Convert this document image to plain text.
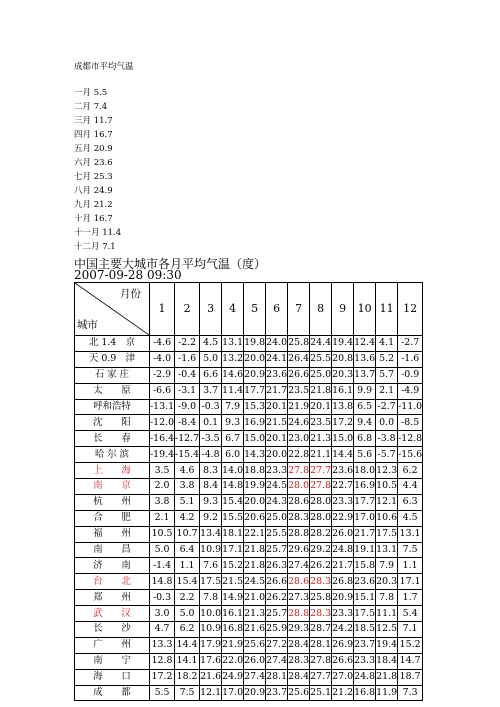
成都市平均气温
一月 5.5
二月 7.4
三月 11.7
四月 16.7
五月 20.9
六月 23.6
七月 25.3
八月 24.9
九月 21.2
十月 16.7
十一月 11.4
十二月 7.1
中国主要大城市各月平均气温（度）
2007-09-28 09:30
月份
城市	1	2	3	4	5	6	7	8	9	10	11	12
北 1.4　京	-4.6	-2.2	4.5	13.1	19.8	24.0	25.8	24.4	19.4	12.4	4.1	-2.7
天 0.9　津	-4.0	-1.6	5.0	13.2	20.0	24.1	26.4	25.5	20.8	13.6	5.2	-1.6
石 家 庄	-2.9	-0.4	6.6	14.6	20.9	23.6	26.6	25.0	20.3	13.7	5.7	-0.9
太　　原	-6.6	-3.1	3.7	11.4	17.7	21.7	23.5	21.8	16.1	9.9	2.1	-4.9
呼和浩特	-13.1	-9.0	-0.3	7.9	15.3	20.1	21.9	20.1	13.8	6.5	-2.7	-11.0
沈　　阳	-12.0	-8.4	0.1	9.3	16.9	21.5	24.6	23.5	17.2	9.4	0.0	-8.5
长　　春	-16.4	-12.7	-3.5	6.7	15.0	20.1	23.0	21.3	15.0	6.8	-3.8	-12.8
哈 尔 滨	-19.4	-15.4	-4.8	6.0	14.3	20.0	22.8	21.1	14.4	5.6	-5.7	-15.6
上　　海	3.5	4.6	8.3	14.0	18.8	23.3	27.8	27.7	23.6	18.0	12.3	6.2
南　　京	2.0	3.8	8.4	14.8	19.9	24.5	28.0	27.8	22.7	16.9	10.5	4.4
杭　　州	3.8	5.1	9.3	15.4	20.0	24.3	28.6	28.0	23.3	17.7	12.1	6.3
合　　肥	2.1	4.2	9.2	15.5	20.6	25.0	28.3	28.0	22.9	17.0	10.6	4.5
福　　州	10.5	10.7	13.4	18.1	22.1	25.5	28.8	28.2	26.0	21.7	17.5	13.1
南　　昌	5.0	6.4	10.9	17.1	21.8	25.7	29.6	29.2	24.8	19.1	13.1	7.5
济　　南	-1.4	1.1	7.6	15.2	21.8	26.3	27.4	26.2	21.7	15.8	7.9	1.1
台　　北	14.8	15.4	17.5	21.5	24.5	26.6	28.6	28.3	26.8	23.6	20.3	17.1
郑　　州	-0.3	2.2	7.8	14.9	21.0	26.2	27.3	25.8	20.9	15.1	7.8	1.7
武　　汉	3.0	5.0	10.0	16.1	21.3	25.7	28.8	28.3	23.3	17.5	11.1	5.4
长　　沙	4.7	6.2	10.9	16.8	21.6	25.9	29.3	28.7	24.2	18.5	12.5	7.1
广　　州	13.3	14.4	17.9	21.9	25.6	27.2	28.4	28.1	26.9	23.7	19.4	15.2
南　　宁	12.8	14.1	17.6	22.0	26.0	27.4	28.3	27.8	26.6	23.3	18.4	14.7
海　　口	17.2	18.2	21.6	24.9	27.4	28.1	28.4	27.7	27.0	24.8	21.8	18.7
成　　都	5.5	7.5	12.1	17.0	20.9	23.7	25.6	25.1	21.2	16.8	11.9	7.3
